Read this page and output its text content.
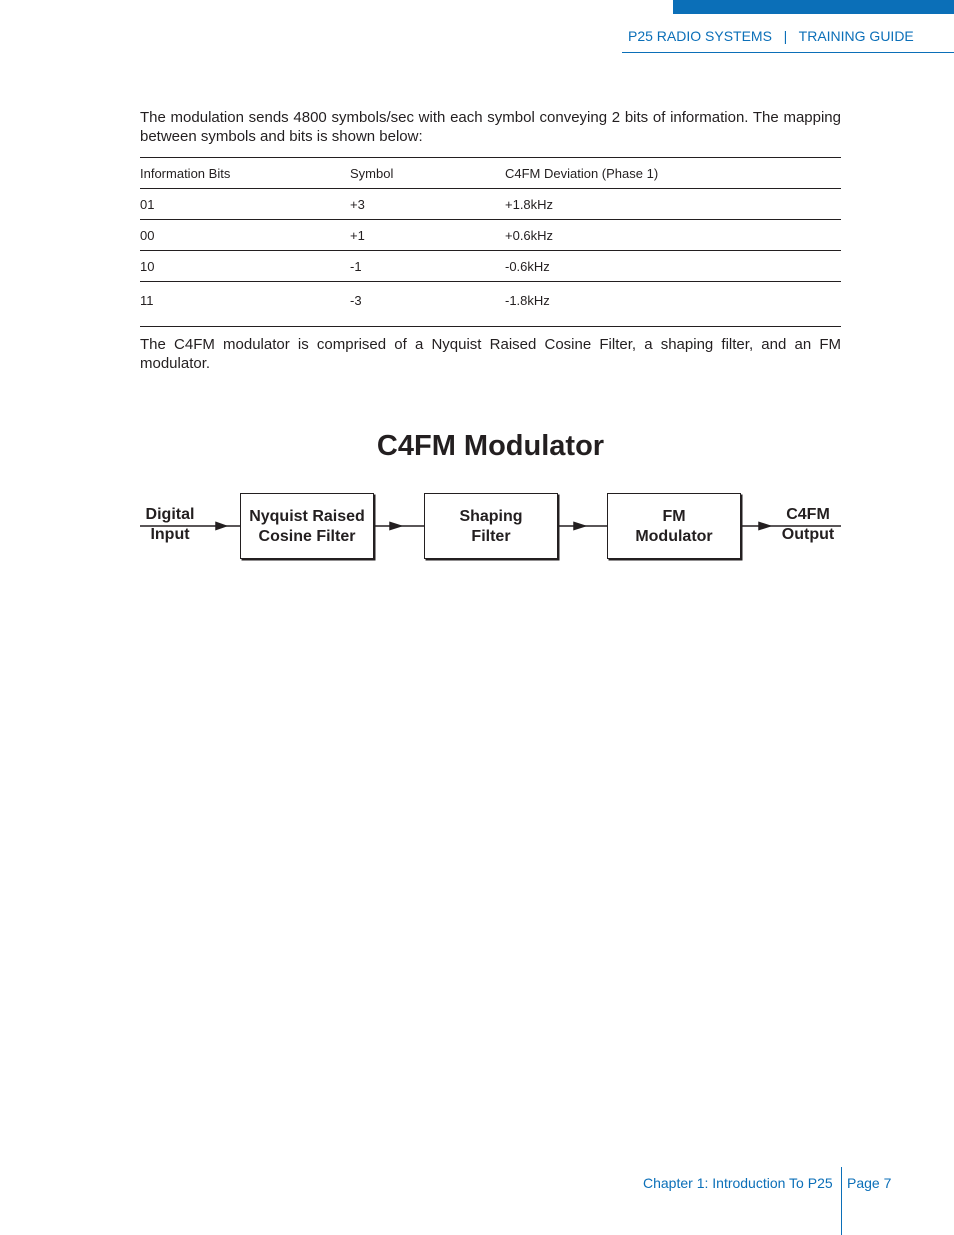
P25 RADIO SYSTEMS   |   TRAINING GUIDE

The modulation sends 4800 symbols/sec with each symbol conveying 2 bits of information. The mapping between symbols and bits is shown below:

Information Bits	Symbol	C4FM Deviation (Phase 1)
01	+3	+1.8kHz
00	+1	+0.6kHz
10	-1	-0.6kHz
11	-3	-1.8kHz

The C4FM modulator is comprised of a Nyquist Raised Cosine Filter, a shaping filter, and an FM modulator.

C4FM Modulator
Digital
Input
Nyquist Raised
Cosine Filter
Shaping
Filter
FM
Modulator
C4FM
Output
Chapter 1: Introduction To P25 Page 7
